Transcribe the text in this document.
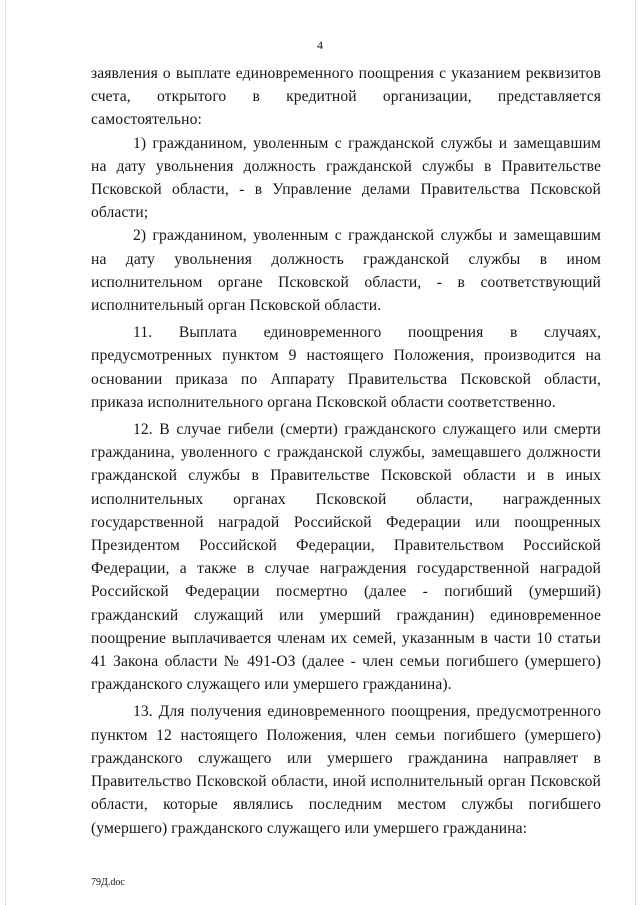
4

заявления о выплате единовременного поощрения с указанием реквизитов счета, открытого в кредитной организации, представляется самостоятельно:

1) гражданином, уволенным с гражданской службы и замещавшим на дату увольнения должность гражданской службы в Правительстве Псковской области, - в Управление делами Правительства Псковской области;

2) гражданином, уволенным с гражданской службы и замещавшим на дату увольнения должность гражданской службы в ином исполнительном органе Псковской области, - в соответствующий исполнительный орган Псковской области.

11. Выплата единовременного поощрения в случаях, предусмотренных пунктом 9 настоящего Положения, производится на основании приказа по Аппарату Правительства Псковской области, приказа исполнительного органа Псковской области соответственно.

12. В случае гибели (смерти) гражданского служащего или смерти гражданина, уволенного с гражданской службы, замещавшего должности гражданской службы в Правительстве Псковской области и в иных исполнительных органах Псковской области, награжденных государственной наградой Российской Федерации или поощренных Президентом Российской Федерации, Правительством Российской Федерации, а также в случае награждения государственной наградой Российской Федерации посмертно (далее - погибший (умерший) гражданский служащий или умерший гражданин) единовременное поощрение выплачивается членам их семей, указанным в части 10 статьи 41 Закона области № 491-ОЗ (далее - член семьи погибшего (умершего) гражданского служащего или умершего гражданина).

13. Для получения единовременного поощрения, предусмотренного пунктом 12 настоящего Положения, член семьи погибшего (умершего) гражданского служащего или умершего гражданина направляет в Правительство Псковской области, иной исполнительный орган Псковской области, которые являлись последним местом службы погибшего (умершего) гражданского служащего или умершего гражданина:

79Д.doc
